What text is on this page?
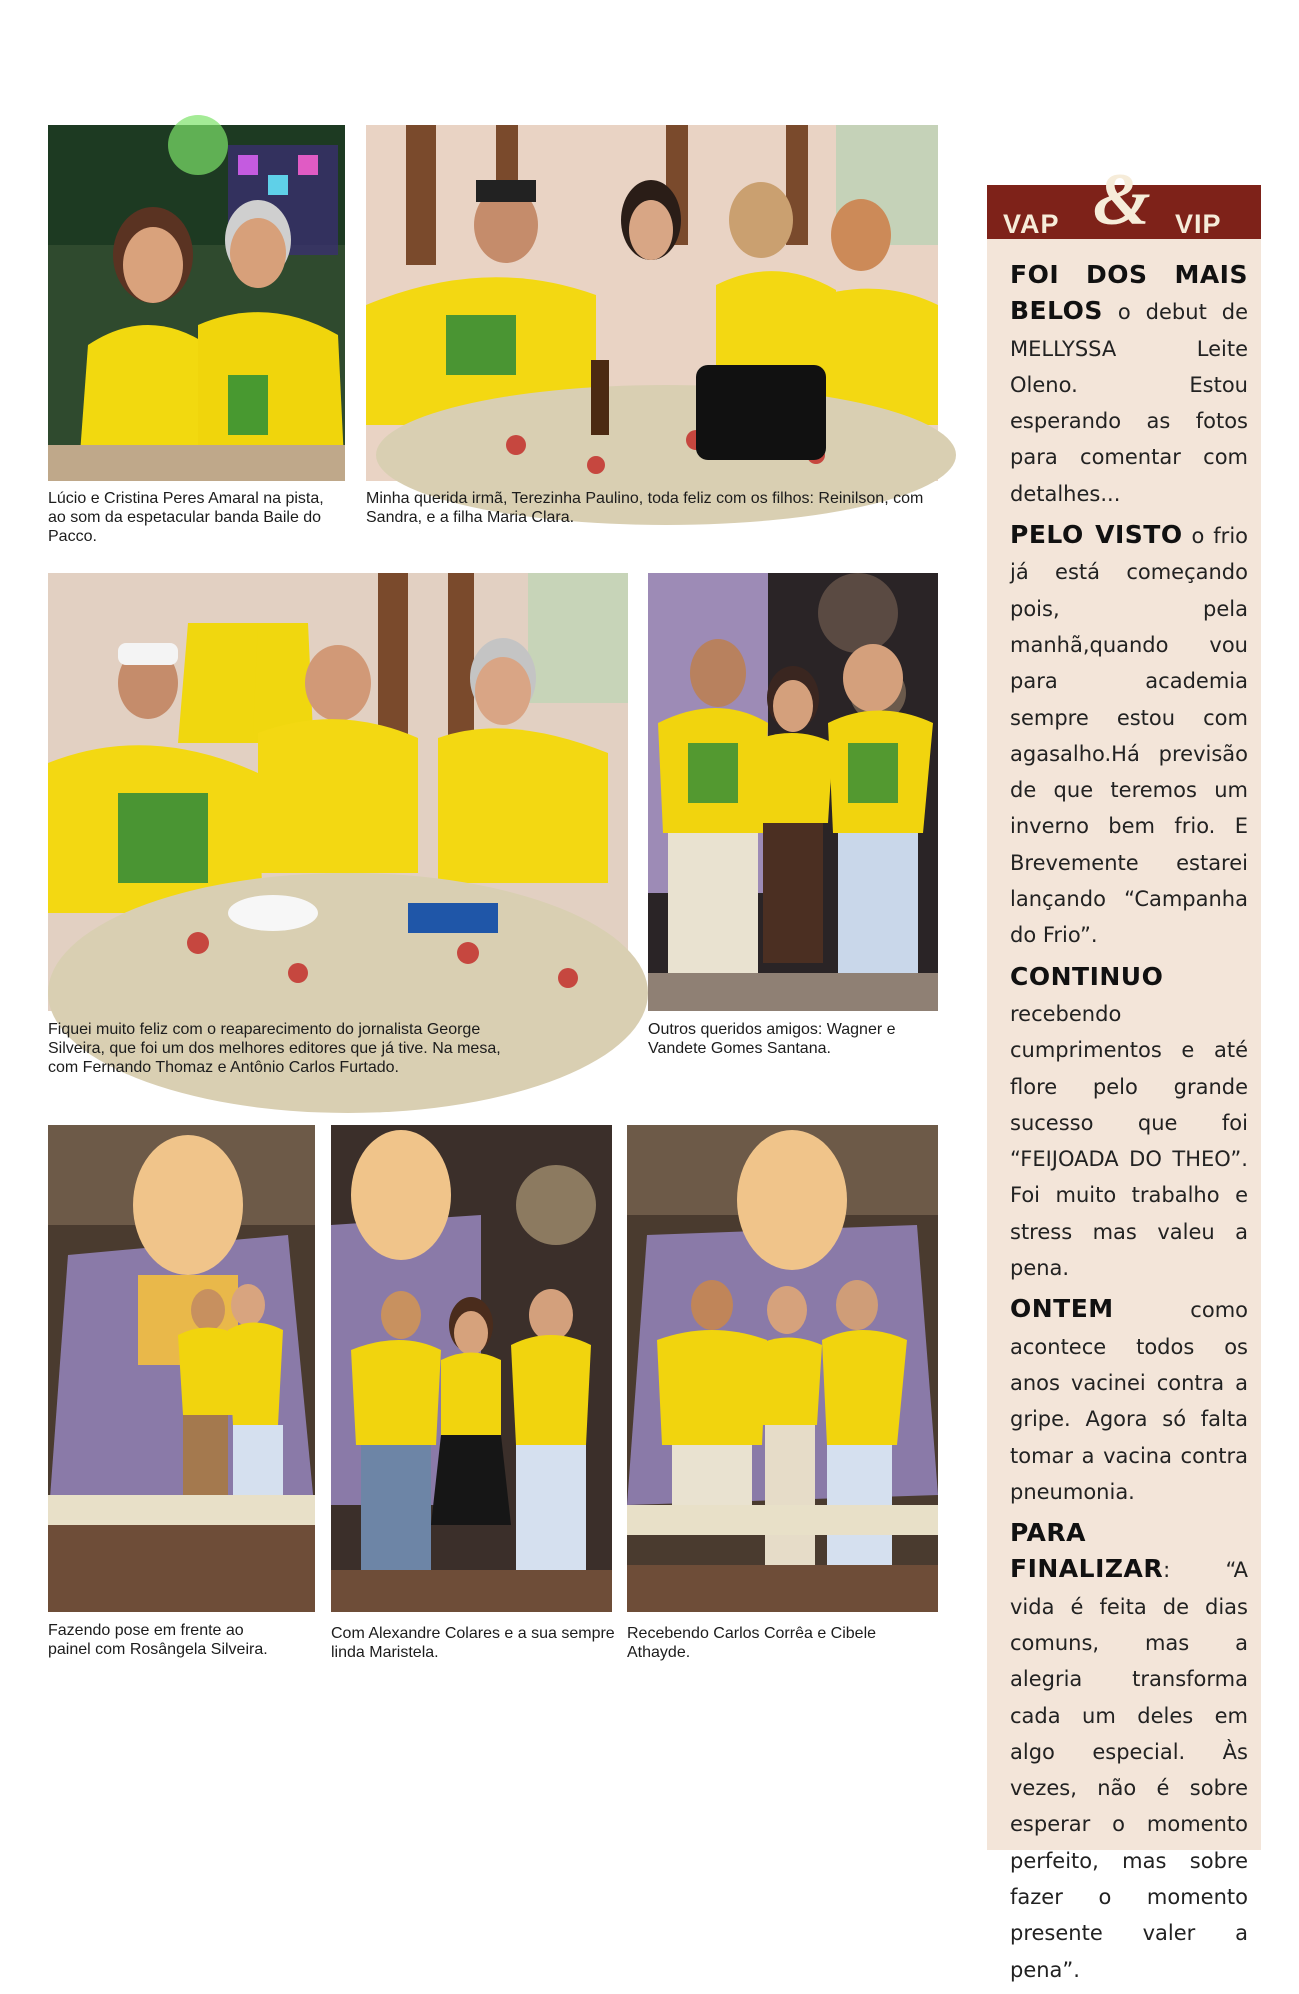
Lúcio e Cristina Peres Amaral na pista, ao som da espetacular banda Baile do Pacco.
Minha querida irmã, Terezinha Paulino, toda feliz com os filhos: Reinilson, com Sandra, e a filha Maria Clara.
Fiquei muito feliz com o reaparecimento do jornalista George Silveira, que foi um dos melhores editores que já tive. Na mesa, com Fernando Thomaz e Antônio Carlos Furtado.
Outros queridos amigos: Wagner e Vandete Gomes Santana.
Fazendo pose em frente ao painel com Rosângela Silveira.
Com Alexandre Colares e a sua sempre linda Maristela.
Recebendo Carlos Corrêa e Cibele Athayde.
VAP	VIP
&

FOI DOS MAIS BELOS o debut de MELLYSSA Leite Oleno. Estou esperando as fotos para comentar com detalhes...

PELO VISTO o frio já está começando pois, pela manhã,quando vou para academia sempre estou com agasalho.Há previsão de que teremos um inverno bem frio. E Brevemente estarei lançando “Campanha do Frio”.

CONTINUO recebendo cumprimentos e até flore pelo grande sucesso que foi “FEIJOADA DO THEO”. Foi muito trabalho e stress mas valeu a pena.

ONTEM como acontece todos os anos vacinei contra a gripe. Agora só falta tomar a vacina contra pneumonia.

PARA FINALIZAR: “A vida é feita de dias comuns, mas a alegria transforma cada um deles em algo especial. Às vezes, não é sobre esperar o momento perfeito, mas sobre fazer o momento presente valer a pena”.
